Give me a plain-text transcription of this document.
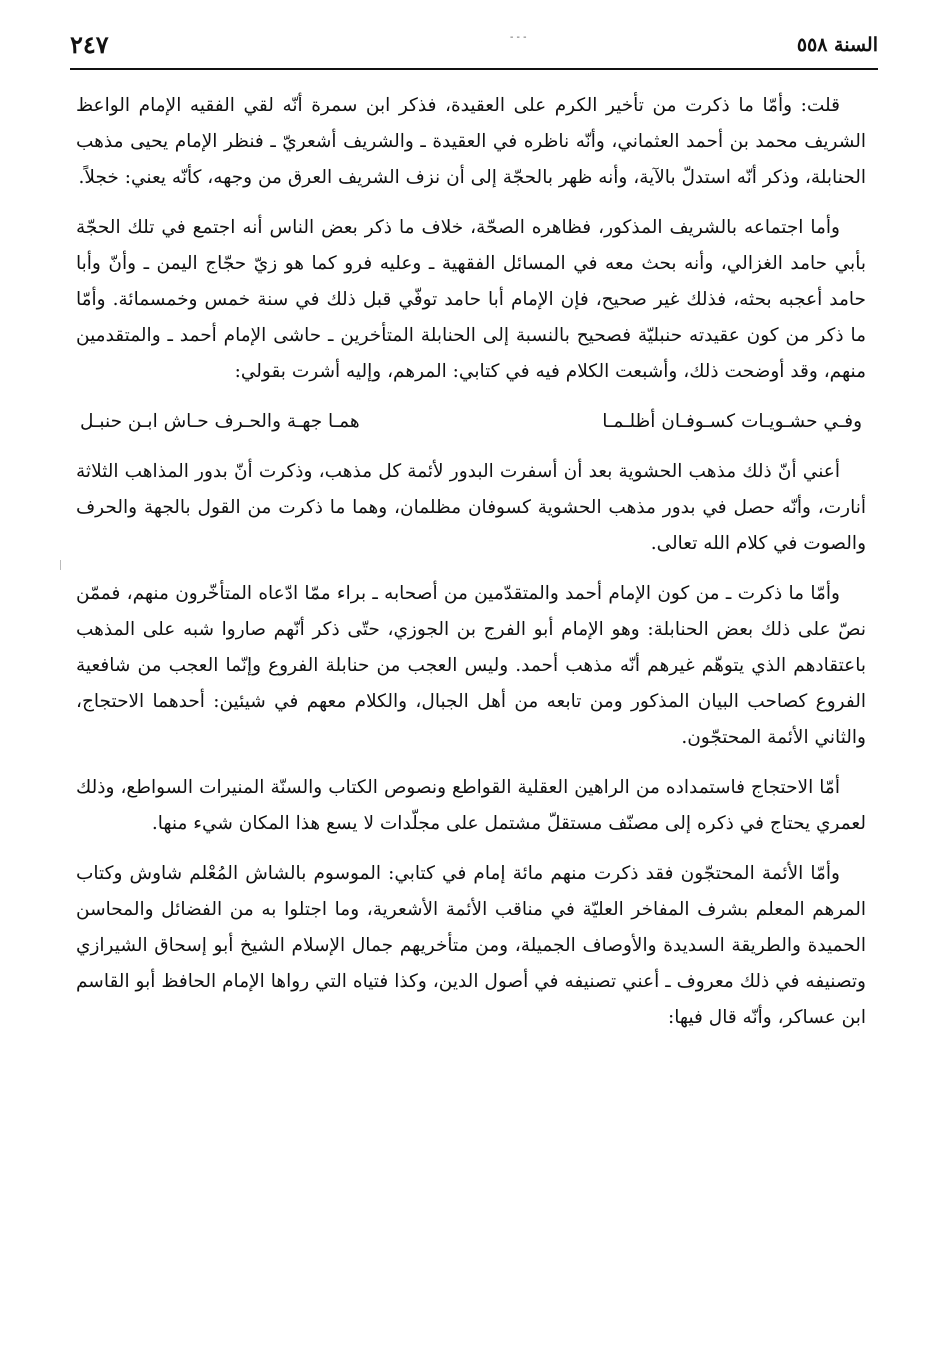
٢٤٧	- - -	السنة ٥٥٨

قلت: وأمّا ما ذكرت من تأخير الكرم على العقيدة، فذكر ابن سمرة أنّه لقي الفقيه الإمام الواعظ الشريف محمد بن أحمد العثماني، وأنّه ناظره في العقيدة ـ والشريف أشعريّ ـ فنظر الإمام يحيى مذهب الحنابلة، وذكر أنّه استدلّ بالآية، وأنه ظهر بالحجّة إلى أن نزف الشريف العرق من وجهه، كأنّه يعني: خجلاً.

وأما اجتماعه بالشريف المذكور، فظاهره الصحّة، خلاف ما ذكر بعض الناس أنه اجتمع في تلك الحجّة بأبي حامد الغزالي، وأنه بحث معه في المسائل الفقهية ـ وعليه فرو كما هو زيّ حجّاج اليمن ـ وأنّ وأبا حامد أعجبه بحثه، فذلك غير صحيح، فإن الإمام أبا حامد توفّي قبل ذلك في سنة خمس وخمسمائة. وأمّا ما ذكر من كون عقيدته حنبليّة فصحيح بالنسبة إلى الحنابلة المتأخرين ـ حاشى الإمام أحمد ـ والمتقدمين منهم، وقد أوضحت ذلك، وأشبعت الكلام فيه في كتابي: المرهم، وإليه أشرت بقولي:

وفـي حشـويـات كسـوفـان أظلـمـا
همـا جهـة والحـرف حـاش ابـن حنبـل

أعني أنّ ذلك مذهب الحشوية بعد أن أسفرت البدور لأئمة كل مذهب، وذكرت أنّ بدور المذاهب الثلاثة أنارت، وأنّه حصل في بدور مذهب الحشوية كسوفان مظلمان، وهما ما ذكرت من القول بالجهة والحرف والصوت في كلام الله تعالى.

وأمّا ما ذكرت ـ من كون الإمام أحمد والمتقدّمين من أصحابه ـ براء ممّا ادّعاه المتأخّرون منهم، فممّن نصّ على ذلك بعض الحنابلة: وهو الإمام أبو الفرج بن الجوزي، حتّى ذكر أنّهم صاروا شبه على المذهب باعتقادهم الذي يتوهّم غيرهم أنّه مذهب أحمد. وليس العجب من حنابلة الفروع وإنّما العجب من شافعية الفروع كصاحب البيان المذكور ومن تابعه من أهل الجبال، والكلام معهم في شيئين: أحدهما الاحتجاج، والثاني الأئمة المحتجّون.

أمّا الاحتجاج فاستمداده من الراهين العقلية القواطع ونصوص الكتاب والسنّة المنيرات السواطع، وذلك لعمري يحتاج في ذكره إلى مصنّف مستقلّ مشتمل على مجلّدات لا يسع هذا المكان شيء منها.

وأمّا الأئمة المحتجّون فقد ذكرت منهم مائة إمام في كتابي: الموسوم بالشاش المُعْلم شاوش وكتاب المرهم المعلم بشرف المفاخر العليّة في مناقب الأئمة الأشعرية، وما اجتلوا به من الفضائل والمحاسن الحميدة والطريقة السديدة والأوصاف الجميلة، ومن متأخريهم جمال الإسلام الشيخ أبو إسحاق الشيرازي وتصنيفه في ذلك معروف ـ أعني تصنيفه في أصول الدين، وكذا فتياه التي رواها الإمام الحافظ أبو القاسم ابن عساكر، وأنّه قال فيها:
